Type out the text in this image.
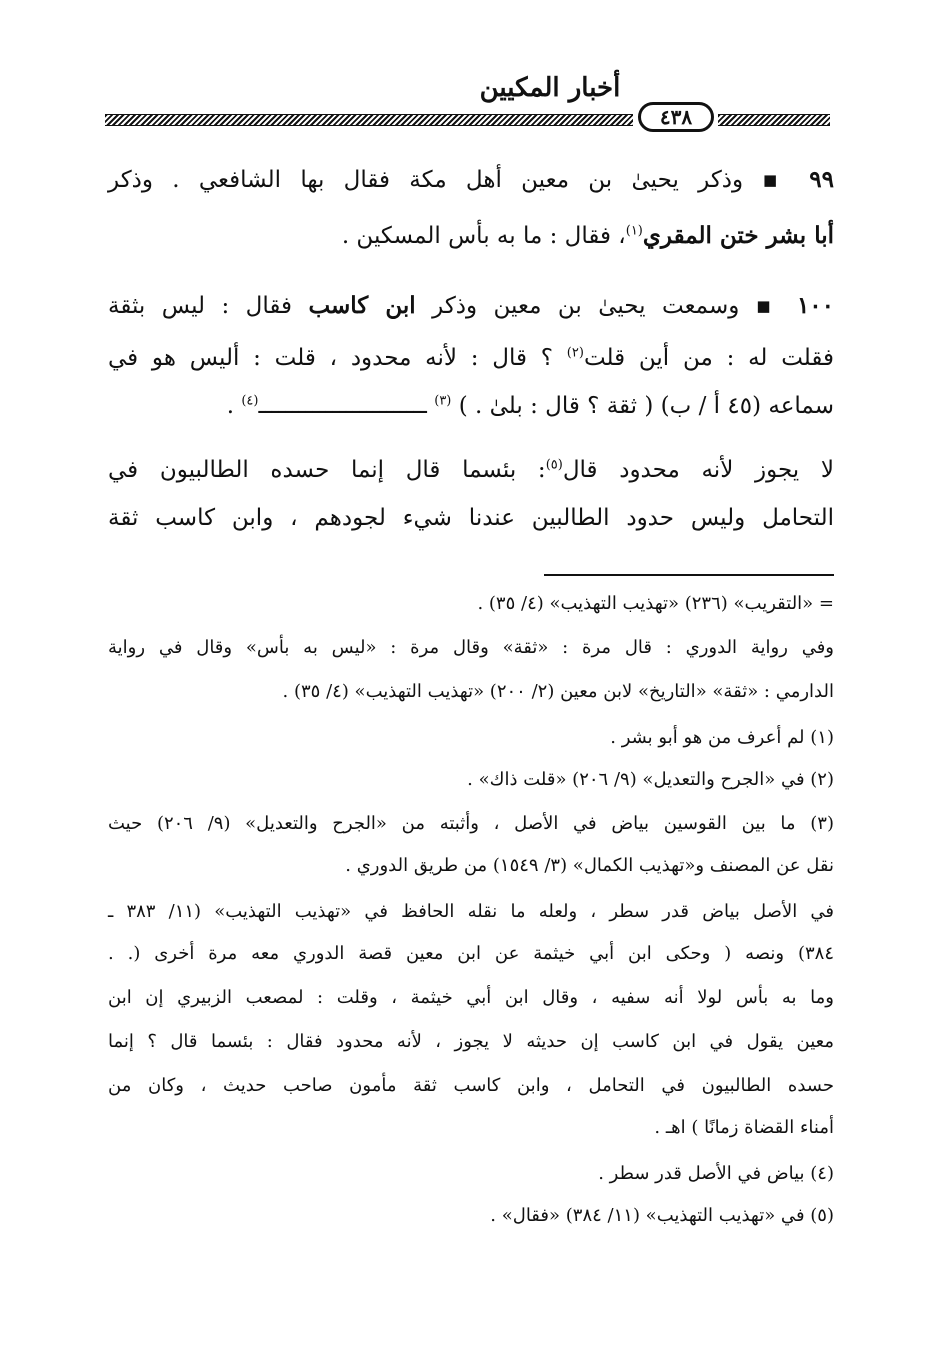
أخبار المكيين
٤٣٨
٩٩ ▪ وذكر يحيىٰ بن معين أهل مكة فقال بها الشافعي . وذكر
أبا بشر ختن المقري$^{(١)}$، فقال : ما به بأس المسكين .
١٠٠ ▪ وسمعت يحيىٰ بن معين وذكر ابن كاسب فقال : ليس بثقة
فقلت له : من أين قلت$^{(٢)}$ ؟ قال : لأنه محدود ، قلت : أليس هو في
سماعه (٤٥ أ / ب) ( ثقة ؟ قال : بلىٰ . ) $^{(٣)}$ ـــــــــــــــــــــــــ$^{(٤)}$ .
لا يجوز لأنه محدود قال$^{(٥)}$: بئسما قال إنما حسده الطالبيون في
التحامل وليس حدود الطالبين عندنا شيء لجودهم ، وابن كاسب ثقة
= «التقريب» (٢٣٦) «تهذيب التهذيب» (٤/ ٣٥) .
وفي رواية الدوري : قال مرة : «ثقة» وقال مرة : «ليس به بأس» وقال في رواية
الدارمي : «ثقة» «التاريخ» لابن معين (٢/ ٢٠٠) «تهذيب التهذيب» (٤/ ٣٥) .
(١) لم أعرف من هو أبو بشر .
(٢) في «الجرح والتعديل» (٩/ ٢٠٦) «قلت ذاك» .
(٣) ما بين القوسين بياض في الأصل ، وأثبته من «الجرح والتعديل» (٩/ ٢٠٦) حيث
نقل عن المصنف و«تهذيب الكمال» (٣/ ١٥٤٩) من طريق الدوري .
في الأصل بياض قدر سطر ، ولعله ما نقله الحافظ في «تهذيب التهذيب» (١١/ ٣٨٣ ـ
٣٨٤) ونصه ( وحكى ابن أبي خيثمة عن ابن معين قصة الدوري معه مرة أخرى (. .
وما به بأس لولا أنه سفيه ، وقال ابن أبي خيثمة ، وقلت : لمصعب الزبيري إن ابن
معين يقول في ابن كاسب إن حديثه لا يجوز ، لأنه محدود فقال : بئسما قال ؟ إنما
حسده الطالبيون في التحامل ، وابن كاسب ثقة مأمون صاحب حديث ، وكان من
أمناء القضاة زمانًا ) اهـ .
(٤) بياض في الأصل قدر سطر .
(٥) في «تهذيب التهذيب» (١١/ ٣٨٤) «فقال» .
